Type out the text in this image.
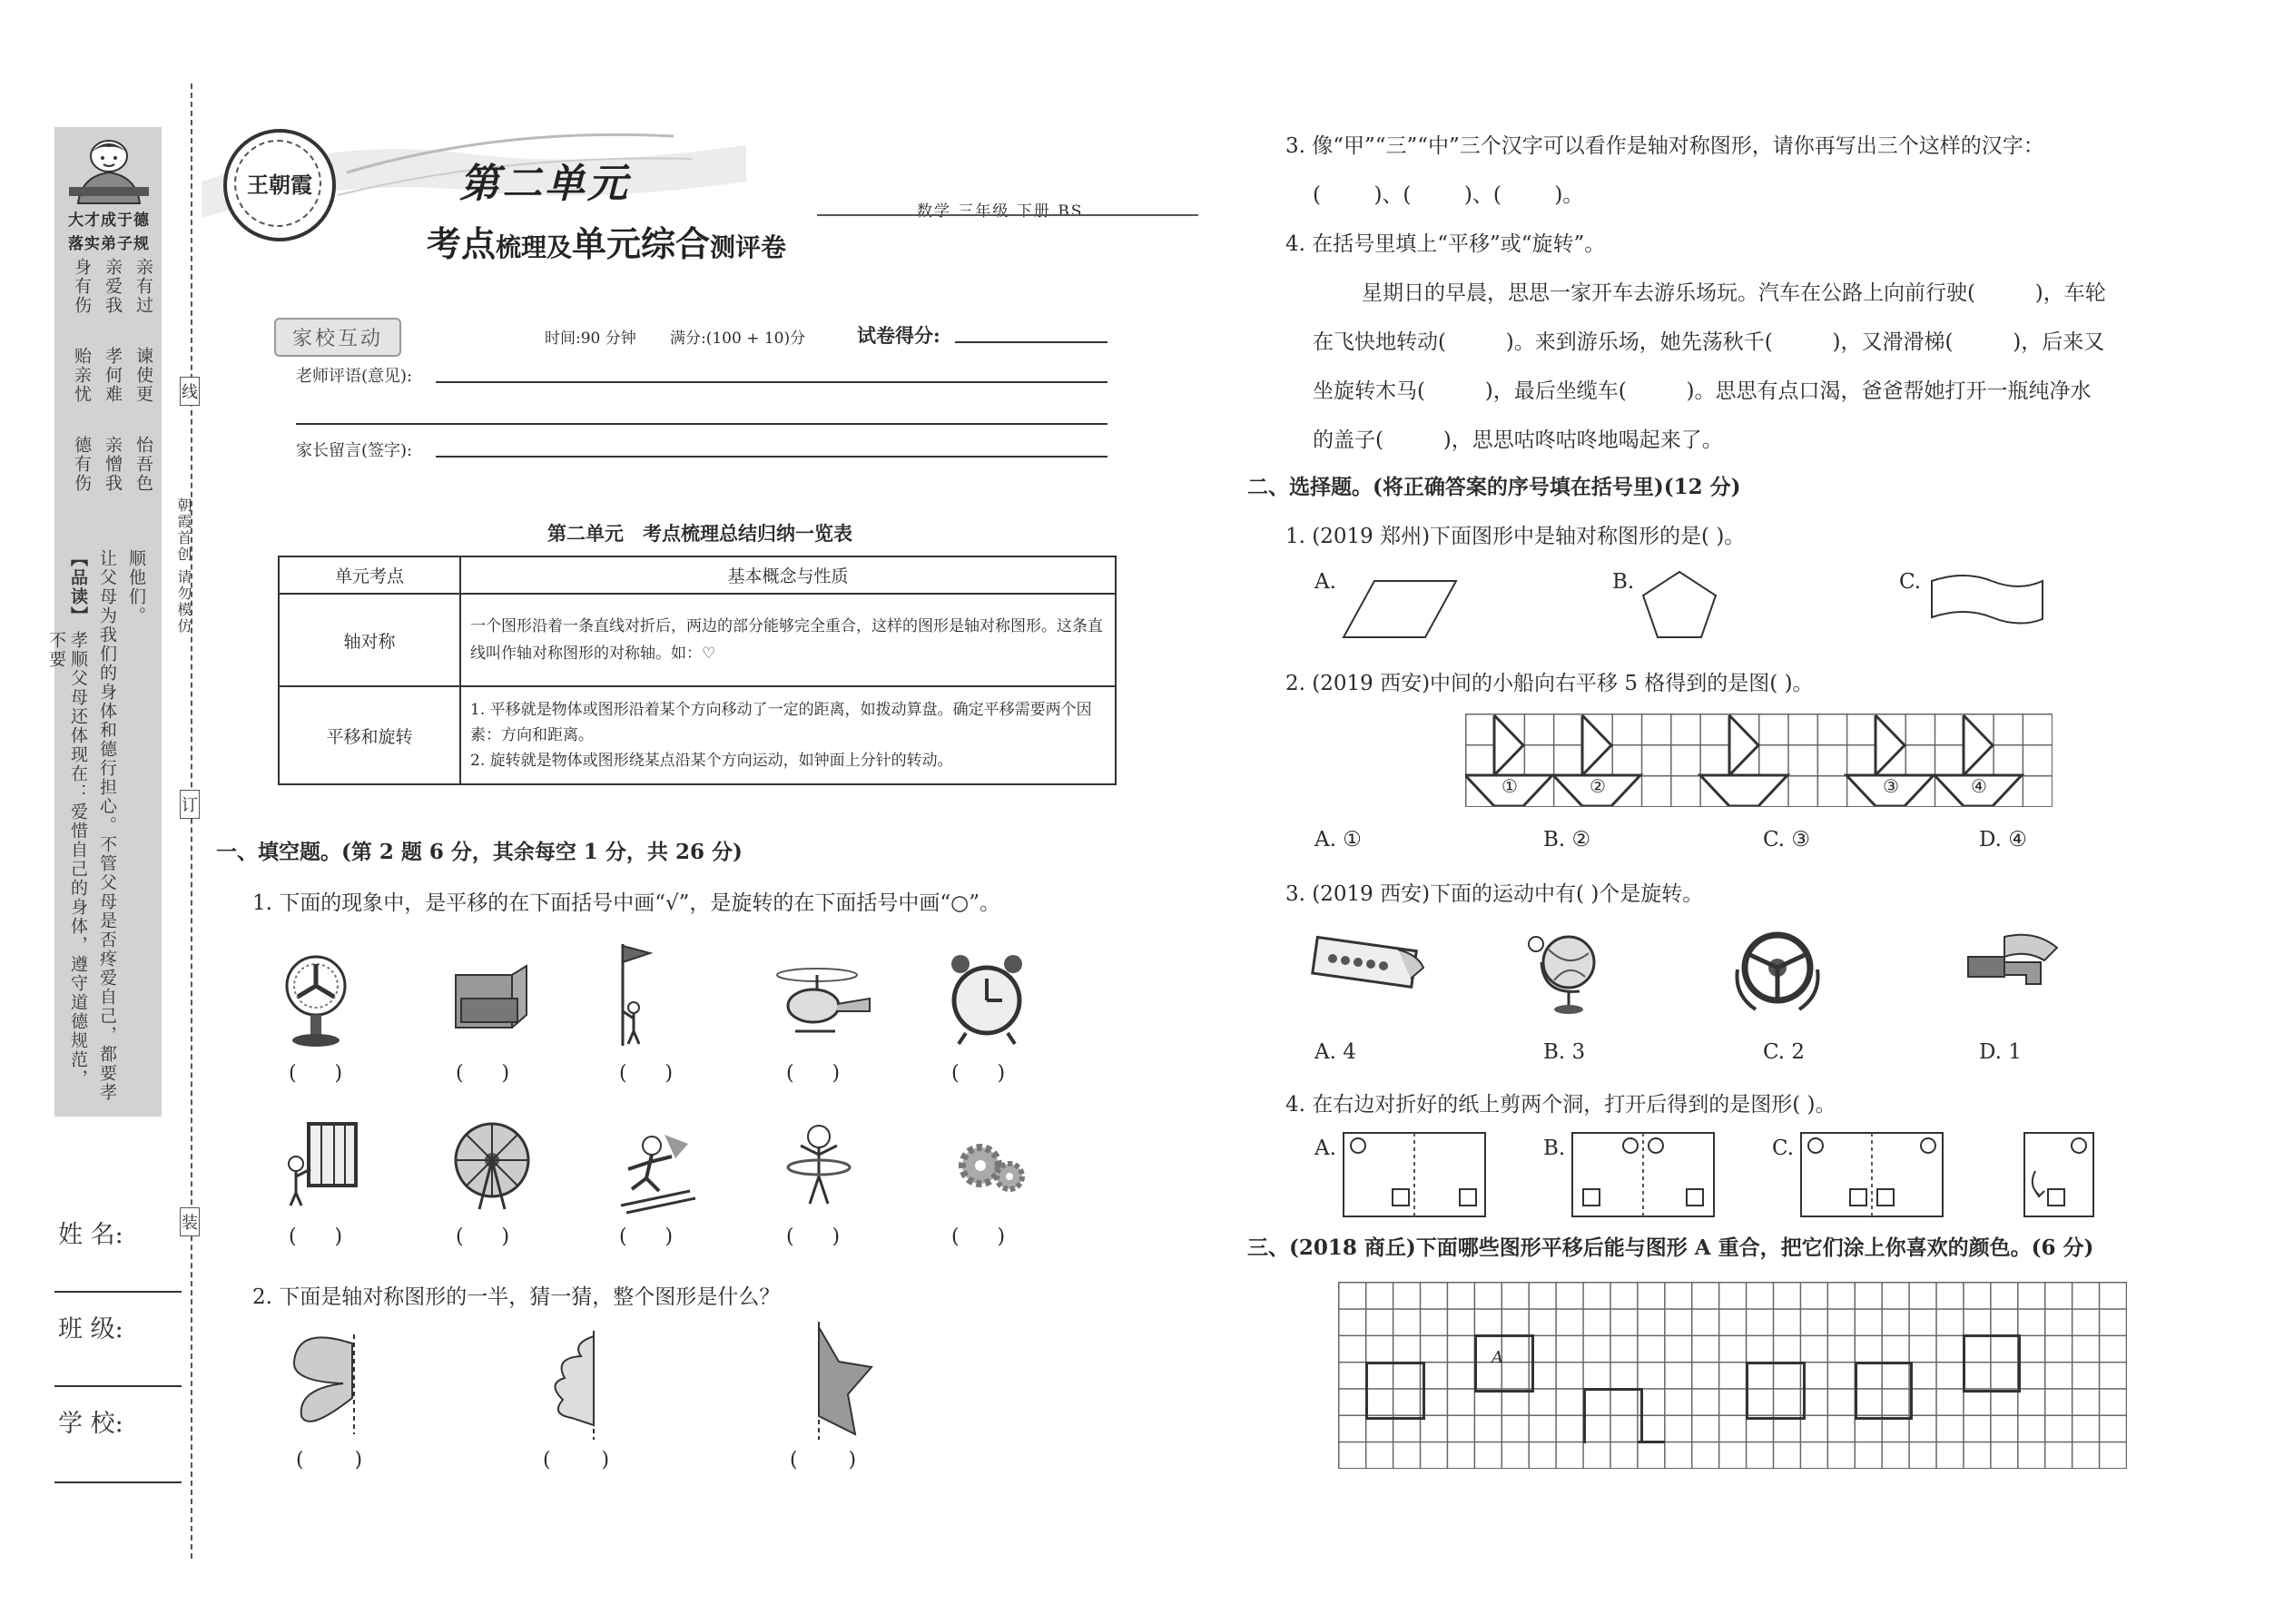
大才成于德
落实弟子规
亲有过
谏使更
怡吾色
亲爱我
孝何难
亲憎我
身有伤
贻亲忧
德有伤
【品读】
孝顺父母还体现在：爱惜自己的身体，遵守道德规范，不要	让父母为我们的身体和德行担心。不管父母是否疼爱自己，都要孝 顺他们。
姓 名:
班 级:
学 校:
线
订
装
朝霞首创 请勿模仿
王朝霞	第二单元
考点梳理及单元综合测评卷
数学 三年级 下册 BS
家校互动	时间:90 分钟 满分:(100 + 10)分	试卷得分:
老师评语(意见):
家长留言(签字):
第二单元　考点梳理总结归纳一览表
单元考点	基本概念与性质
轴对称	一个图形沿着一条直线对折后，两边的部分能够完全重合，这样的图形是轴对称图形。这条直线叫作轴对称图形的对称轴。如：♡
平移和旋转	1. 平移就是物体或图形沿着某个方向移动了一定的距离，如拨动算盘。确定平移需要两个因素：方向和距离。
2. 旋转就是物体或图形绕某点沿某个方向运动，如钟面上分针的转动。
一、填空题。(第 2 题 6 分，其余每空 1 分，共 26 分)
1. 下面的现象中，是平移的在下面括号中画“√”，是旋转的在下面括号中画“○”。
(      )	(      )	(      )	(      )	(      )
(      )	(      )	(      )	(      )	(      )
2. 下面是轴对称图形的一半，猜一猜，整个图形是什么？
(        )	(        )	(        )
3. 像“甲”“三”“中”三个汉字可以看作是轴对称图形，请你再写出三个这样的汉字：
(        )、(        )、(        )。
4. 在括号里填上“平移”或“旋转”。
星期日的早晨，思思一家开车去游乐场玩。汽车在公路上向前行驶(         )，车轮
在飞快地转动(         )。来到游乐场，她先荡秋千(         )，又滑滑梯(         )，后来又
坐旋转木马(         )，最后坐缆车(         )。思思有点口渴，爸爸帮她打开一瓶纯净水
的盖子(         )，思思咕咚咕咚地喝起来了。
二、选择题。(将正确答案的序号填在括号里)(12 分)
1. (2019 郑州)下面图形中是轴对称图形的是( )。
A.	B.	C.
2. (2019 西安)中间的小船向右平移 5 格得到的是图( )。
①	②	③	④
A. ①	B. ②	C. ③	D. ④
3. (2019 西安)下面的运动中有( )个是旋转。
A. 4	B. 3	C. 2	D. 1
4. 在右边对折好的纸上剪两个洞，打开后得到的是图形( )。
A.	B.	C.
三、(2018 商丘)下面哪些图形平移后能与图形 A 重合，把它们涂上你喜欢的颜色。(6 分)
A
